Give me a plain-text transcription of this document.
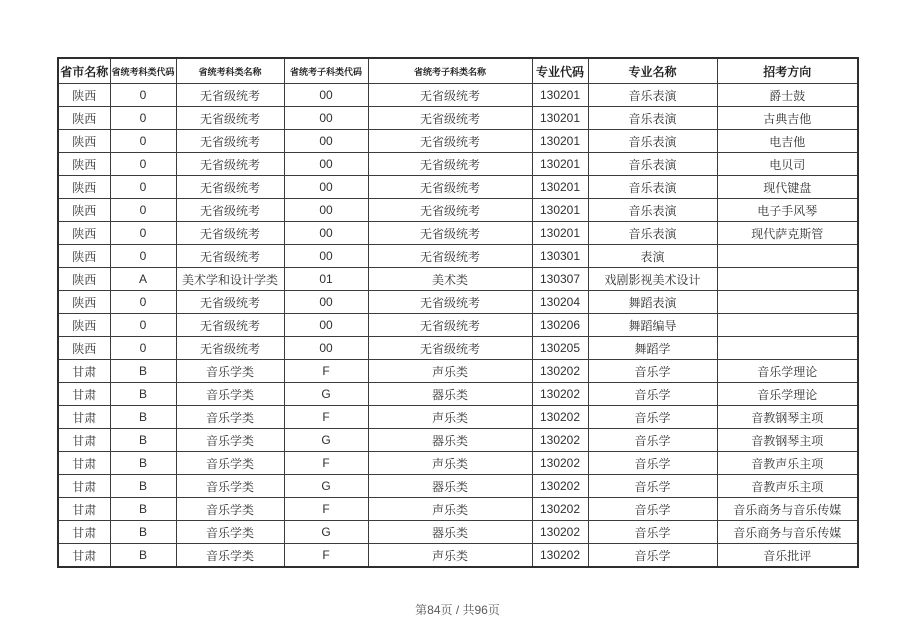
省市名称	省统考科类代码	省统考科类名称	省统考子科类代码	省统考子科类名称	专业代码	专业名称	招考方向
陕西	0	无省级统考	00	无省级统考	130201	音乐表演	爵士鼓
陕西	0	无省级统考	00	无省级统考	130201	音乐表演	古典吉他
陕西	0	无省级统考	00	无省级统考	130201	音乐表演	电吉他
陕西	0	无省级统考	00	无省级统考	130201	音乐表演	电贝司
陕西	0	无省级统考	00	无省级统考	130201	音乐表演	现代键盘
陕西	0	无省级统考	00	无省级统考	130201	音乐表演	电子手风琴
陕西	0	无省级统考	00	无省级统考	130201	音乐表演	现代萨克斯管
陕西	0	无省级统考	00	无省级统考	130301	表演	
陕西	A	美术学和设计学类	01	美术类	130307	戏剧影视美术设计	
陕西	0	无省级统考	00	无省级统考	130204	舞蹈表演	
陕西	0	无省级统考	00	无省级统考	130206	舞蹈编导	
陕西	0	无省级统考	00	无省级统考	130205	舞蹈学	
甘肃	B	音乐学类	F	声乐类	130202	音乐学	音乐学理论
甘肃	B	音乐学类	G	器乐类	130202	音乐学	音乐学理论
甘肃	B	音乐学类	F	声乐类	130202	音乐学	音教钢琴主项
甘肃	B	音乐学类	G	器乐类	130202	音乐学	音教钢琴主项
甘肃	B	音乐学类	F	声乐类	130202	音乐学	音教声乐主项
甘肃	B	音乐学类	G	器乐类	130202	音乐学	音教声乐主项
甘肃	B	音乐学类	F	声乐类	130202	音乐学	音乐商务与音乐传媒
甘肃	B	音乐学类	G	器乐类	130202	音乐学	音乐商务与音乐传媒
甘肃	B	音乐学类	F	声乐类	130202	音乐学	音乐批评
第84页 / 共96页
